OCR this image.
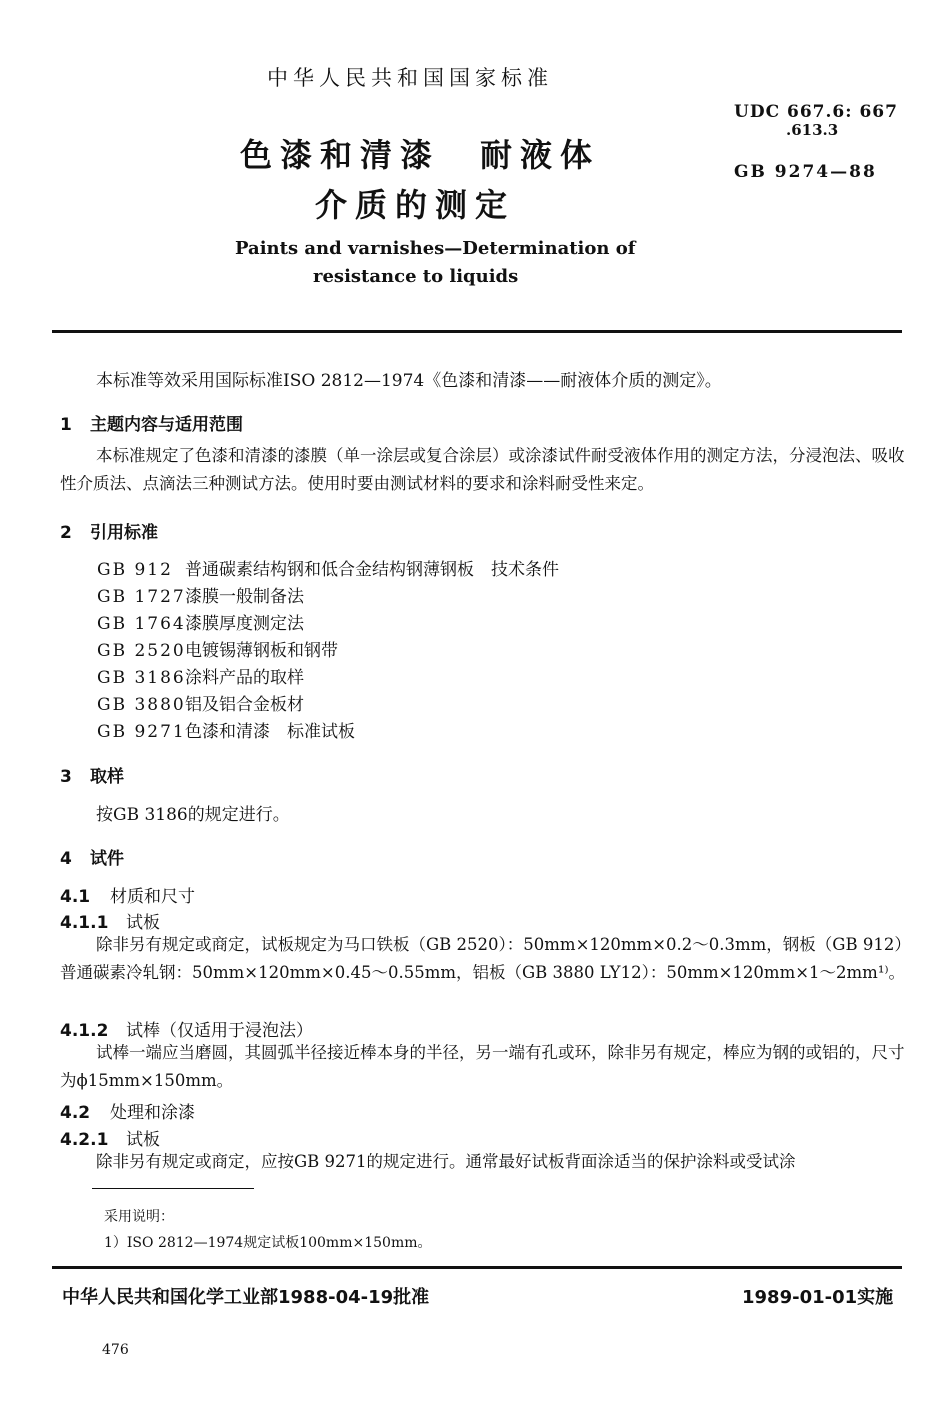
中华人民共和国国家标准
UDC 667.6: 667
.613.3
GB 9274—88
色漆和清漆　耐液体
介质的测定
Paints and varnishes—Determination of
resistance to liquids
本标准等效采用国际标准ISO 2812—1974《色漆和清漆——耐液体介质的测定》。
1 主题内容与适用范围
本标准规定了色漆和清漆的漆膜（单一涂层或复合涂层）或涂漆试件耐受液体作用的测定方法，分浸泡法、吸收性介质法、点滴法三种测试方法。使用时要由测试材料的要求和涂料耐受性来定。
2 引用标准
GB 912 普通碳素结构钢和低合金结构钢薄钢板　技术条件
GB 1727漆膜一般制备法
GB 1764漆膜厚度测定法
GB 2520电镀锡薄钢板和钢带
GB 3186涂料产品的取样
GB 3880铝及铝合金板材
GB 9271色漆和清漆　标准试板
3 取样
按GB 3186的规定进行。
4 试件
4.1 材质和尺寸
4.1.1 试板
除非另有规定或商定，试板规定为马口铁板（GB 2520）：50mm×120mm×0.2～0.3mm，钢板（GB 912）普通碳素冷轧钢：50mm×120mm×0.45～0.55mm，铝板（GB 3880 LY12）：50mm×120mm×1～2mm¹⁾。
4.1.2 试棒（仅适用于浸泡法）
试棒一端应当磨圆，其圆弧半径接近棒本身的半径，另一端有孔或环，除非另有规定，棒应为钢的或铝的，尺寸为ϕ15mm×150mm。
4.2 处理和涂漆
4.2.1 试板
除非另有规定或商定，应按GB 9271的规定进行。通常最好试板背面涂适当的保护涂料或受试涂
采用说明：
1）ISO 2812—1974规定试板100mm×150mm。
中华人民共和国化学工业部1988-04-19批准	1989-01-01实施
476
